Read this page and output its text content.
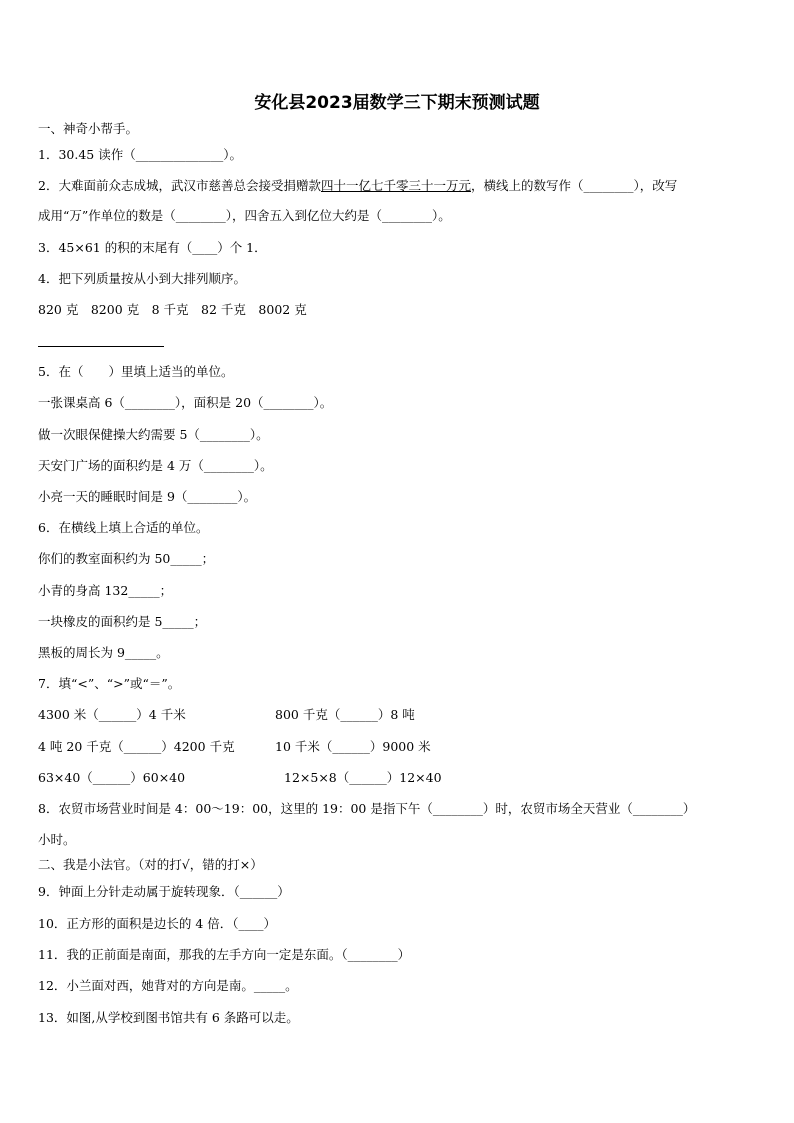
安化县2023届数学三下期末预测试题
一、神奇小帮手。
1．30.45 读作（______________）。
2．大难面前众志成城，武汉市慈善总会接受捐赠款四十一亿七千零三十一万元，横线上的数写作（________），改写
成用“万”作单位的数是（________），四舍五入到亿位大约是（________）。
3．45×61 的积的末尾有（____）个 1．
4．把下列质量按从小到大排列顺序。
820 克　8200 克　8 千克　82 千克　8002 克
5．在（　　）里填上适当的单位。
一张课桌高 6（________），面积是 20（________）。
做一次眼保健操大约需要 5（________）。
天安门广场的面积约是 4 万（________）。
小亮一天的睡眠时间是 9（________）。
6．在横线上填上合适的单位。
你们的教室面积约为 50_____；
小青的身高 132_____；
一块橡皮的面积约是 5_____；
黑板的周长为 9_____。
7．填“<”、“>”或“＝”。
4300 米（______）4 千米	800 千克（______）8 吨
4 吨 20 千克（______）4200 千克	10 千米（______）9000 米
63×40（______）60×40	12×5×8（______）12×40
8．农贸市场营业时间是 4：00～19：00，这里的 19：00 是指下午（________）时，农贸市场全天营业（________）
小时。
二、我是小法官。（对的打√，错的打×）
9．钟面上分针走动属于旋转现象．（______）
10．正方形的面积是边长的 4 倍．（____）
11．我的正前面是南面，那我的左手方向一定是东面。（________）
12．小兰面对西，她背对的方向是南。_____。
13．如图,从学校到图书馆共有 6 条路可以走。
